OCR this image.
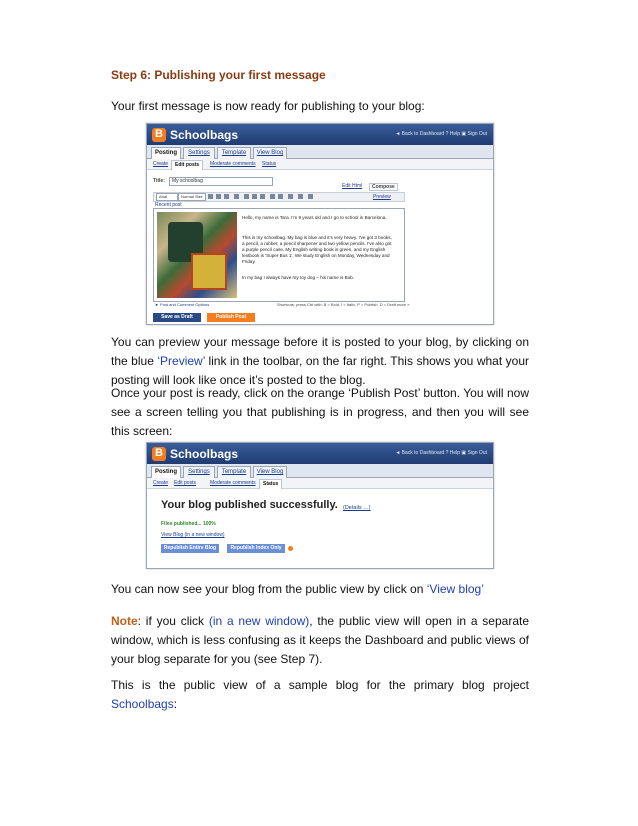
Step 6: Publishing your first message

Your first message is now ready for publishing to your blog:

B
Schoolbags	◄ Back to Dashboard ? Help ▣ Sign Out
Posting	Settings	Template	View Blog
Create	Edit posts	Moderate comments	Status
Title:	My schoolbag
Edit Html	Compose
Arial	Normal Size	Preview
Recent post
Hello, my name is Tara. I'm 9 years old and I go to school in Barcelona.
This is my schoolbag. My bag is blue and it's very heavy. I've got 3 books, a pencil, a rubber, a pencil sharpener and two yellow pencils. I've also got a purple pencil case. My English writing book is green, and my English textbook is 'Super Bus 1'. We study English on Monday, Wednesday and Friday.
In my bag I always have my toy dog – his name is Bob.
► Post and Comment Options	Shortcuts: press Ctrl with: B = Bold, I = Italic, P = Publish, D = Draft more »
Save as Draft	Publish Post

You can preview your message before it is posted to your blog, by clicking on the blue ‘Preview’ link in the toolbar, on the far right. This shows you what your posting will look like once it’s posted to the blog.

Once your post is ready, click on the orange ‘Publish Post’ button. You will now see a screen telling you that publishing is in progress, and then you will see this screen:

B
Schoolbags	◄ Back to Dashboard ? Help ▣ Sign Out
Posting	Settings	Template	View Blog
Create	Edit posts	Moderate comments	Status
Your blog published successfully. (Details …)
Files published... 100%
View Blog (in a new window)
Republish Entire Blog	Republish Index Only

You can now see your blog from the public view by click on ‘View blog’

Note: if you click (in a new window), the public view will open in a separate window, which is less confusing as it keeps the Dashboard and public views of your blog separate for you (see Step 7).

This is the public view of a sample blog for the primary blog project Schoolbags:
